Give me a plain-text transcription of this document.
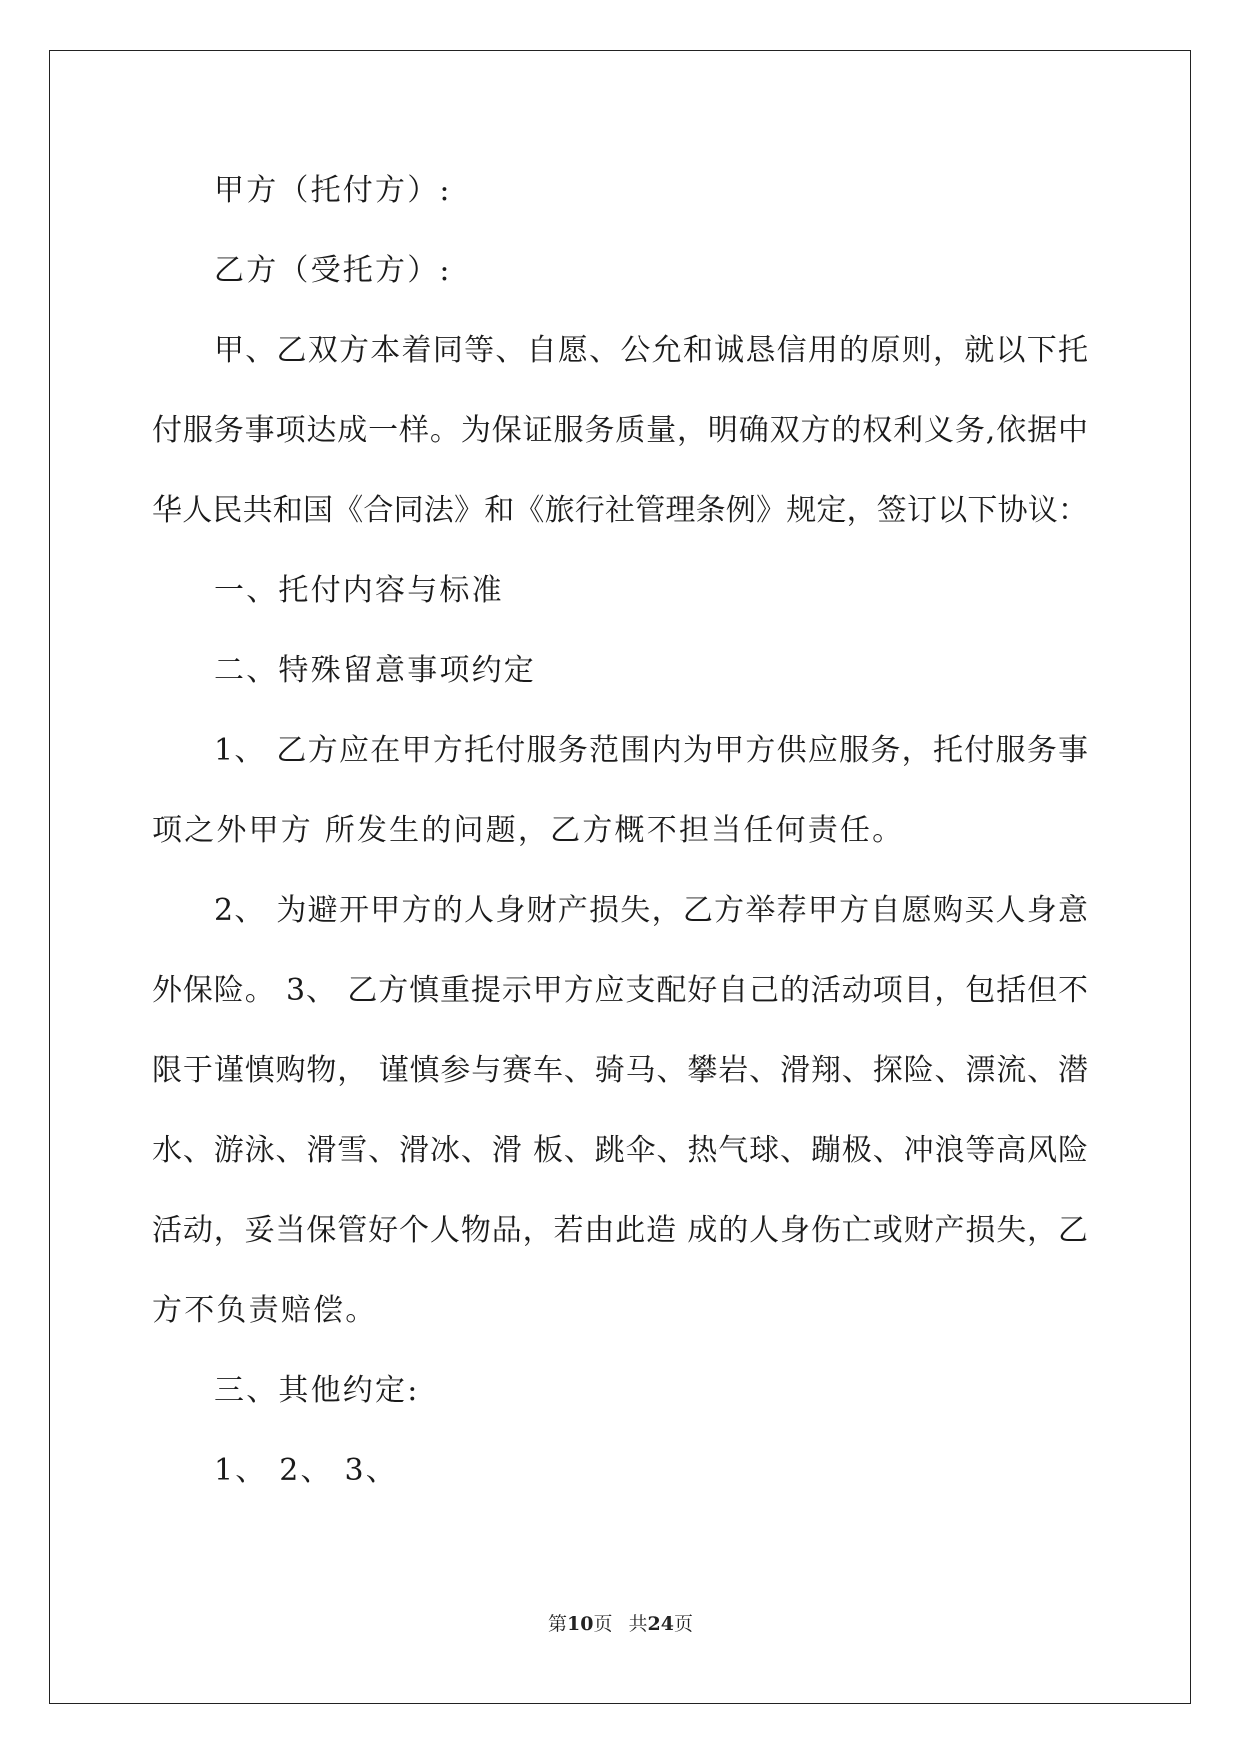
甲方（托付方）:
乙方（受托方）:
甲、乙双方本着同等、自愿、公允和诚恳信用的原则，就以下托
付服务事项达成一样。为保证服务质量，明确双方的权利义务,依据中
华人民共和国《合同法》和《旅行社管理条例》规定，签订以下协议：
一、托付内容与标准
二、特殊留意事项约定
1、 乙方应在甲方托付服务范围内为甲方供应服务，托付服务事
项之外甲方 所发生的问题，乙方概不担当任何责任。
2、 为避开甲方的人身财产损失，乙方举荐甲方自愿购买人身意
外保险。 3、 乙方慎重提示甲方应支配好自己的活动项目，包括但不
限于谨慎购物， 谨慎参与赛车、骑马、攀岩、滑翔、探险、漂流、潜
水、游泳、滑雪、滑冰、滑 板、跳伞、热气球、蹦极、冲浪等高风险
活动，妥当保管好个人物品，若由此造 成的人身伤亡或财产损失，乙
方不负责赔偿。
三、其他约定:
1、 2、 3、
第10页 共24页
